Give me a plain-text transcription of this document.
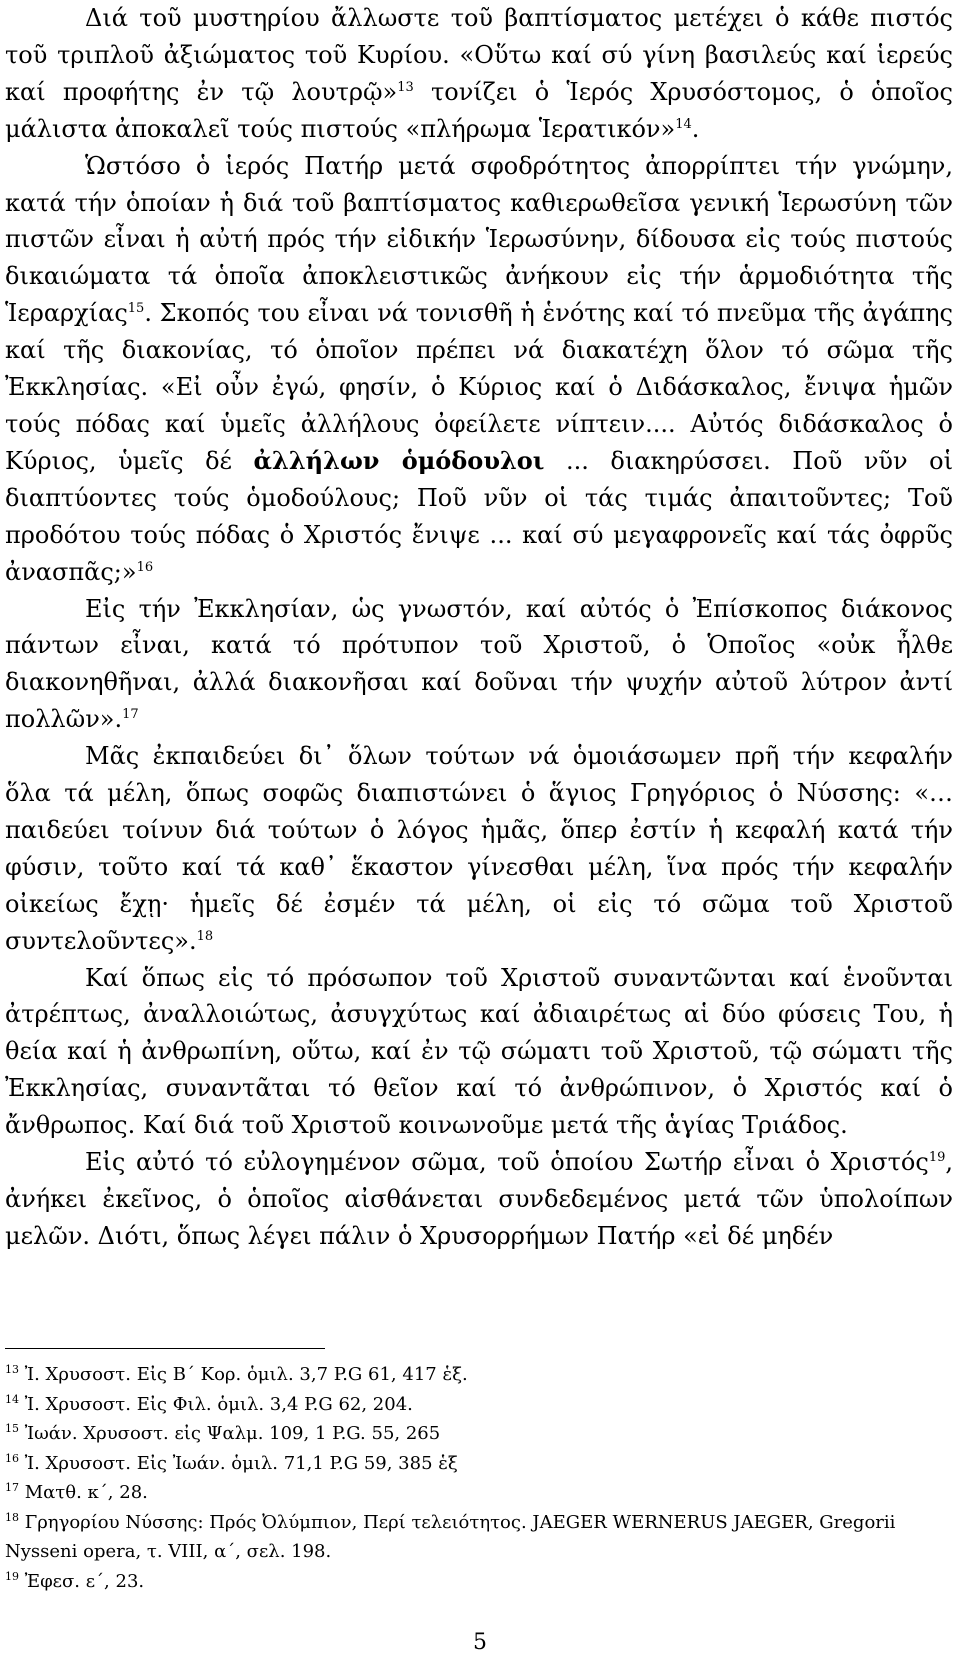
Διά τοῦ μυστηρίου ἄλλωστε τοῦ βαπτίσματος μετέχει ὁ κάθε πιστός τοῦ τριπλοῦ ἀξιώματος τοῦ Κυρίου. «Οὕτω καί σύ γίνη βασιλεύς καί ἱερεύς καί προφήτης ἐν τῷ λουτρῷ»$^{13}$ τονίζει ὁ Ἱερός Χρυσόστομος, ὁ ὁποῖος μάλιστα ἀποκαλεῖ τούς πιστούς «πλήρωμα Ἱερατικόν»$^{14}$.

Ὡστόσο ὁ ἱερός Πατήρ μετά σφοδρότητος ἀπορρίπτει τήν γνώμην, κατά τήν ὁποίαν ἡ διά τοῦ βαπτίσματος καθιερωθεῖσα γενική Ἱερωσύνη τῶν πιστῶν εἶναι ἡ αὐτή πρός τήν εἰδικήν Ἱερωσύνην, δίδουσα εἰς τούς πιστούς δικαιώματα τά ὁποῖα ἀποκλειστικῶς ἀνήκουν εἰς τήν ἁρμοδιότητα τῆς Ἱεραρχίας$^{15}$. Σκοπός του εἶναι νά τονισθῆ ἡ ἑνότης καί τό πνεῦμα τῆς ἀγάπης καί τῆς διακονίας, τό ὁποῖον πρέπει νά διακατέχη ὅλον τό σῶμα τῆς Ἐκκλησίας. «Εἰ οὖν ἐγώ, φησίν, ὁ Κύριος καί ὁ Διδάσκαλος, ἔνιψα ἡμῶν τούς πόδας καί ὑμεῖς ἀλλήλους ὀφείλετε νίπτειν.... Αὐτός διδάσκαλος ὁ Κύριος, ὑμεῖς δέ ἀλλήλων ὁμόδουλοι ... διακηρύσσει. Ποῦ νῦν οἱ διαπτύοντες τούς ὁμοδούλους; Ποῦ νῦν οἱ τάς τιμάς ἀπαιτοῦντες; Τοῦ προδότου τούς πόδας ὁ Χριστός ἔνιψε ... καί σύ μεγαφρονεῖς καί τάς ὀφρῦς ἀνασπᾶς;»$^{16}$

Εἰς τήν Ἐκκλησίαν, ὡς γνωστόν, καί αὐτός ὁ Ἐπίσκοπος διάκονος πάντων εἶναι, κατά τό πρότυπον τοῦ Χριστοῦ, ὁ Ὁποῖος «οὐκ ἦλθε διακονηθῆναι, ἀλλά διακονῆσαι καί δοῦναι τήν ψυχήν αὐτοῦ λύτρον ἀντί πολλῶν».$^{17}$

Μᾶς ἐκπαιδεύει δι᾽ ὅλων τούτων νά ὁμοιάσωμεν πρῆ τήν κεφαλήν ὅλα τά μέλη, ὅπως σοφῶς διαπιστώνει ὁ ἅγιος Γρηγόριος ὁ Νύσσης: «…παιδεύει τοίνυν διά τούτων ὁ λόγος ἡμᾶς, ὅπερ ἐστίν ἡ κεφαλή κατά τήν φύσιν, τοῦτο καί τά καθ᾽ ἕκαστον γίνεσθαι μέλη, ἵνα πρός τήν κεφαλήν οἰκείως ἔχῃ· ἡμεῖς δέ ἐσμέν τά μέλη, οἱ εἰς τό σῶμα τοῦ Χριστοῦ συντελοῦντες».$^{18}$

Καί ὅπως εἰς τό πρόσωπον τοῦ Χριστοῦ συναντῶνται καί ἑνοῦνται ἀτρέπτως, ἀναλλοιώτως, ἀσυγχύτως καί ἀδιαιρέτως αἱ δύο φύσεις Του, ἡ θεία καί ἡ ἀνθρωπίνη, οὕτω, καί ἐν τῷ σώματι τοῦ Χριστοῦ, τῷ σώματι τῆς Ἐκκλησίας, συναντᾶται τό θεῖον καί τό ἀνθρώπινον, ὁ Χριστός καί ὁ ἄνθρωπος. Καί διά τοῦ Χριστοῦ κοινωνοῦμε μετά τῆς ἁγίας Τριάδος.

Εἰς αὐτό τό εὐλογημένον σῶμα, τοῦ ὁποίου Σωτήρ εἶναι ὁ Χριστός$^{19}$, ἀνήκει ἐκεῖνος, ὁ ὁποῖος αἰσθάνεται συνδεδεμένος μετά τῶν ὑπολοίπων μελῶν. Διότι, ὅπως λέγει πάλιν ὁ Χρυσορρήμων Πατήρ «εἰ δέ μηδέν

$^{13}$ Ἰ. Χρυσοστ. Εἰς Β΄ Κορ. ὁμιλ. 3,7 P.G 61, 417 ἑξ.

$^{14}$ Ἰ. Χρυσοστ. Εἰς Φιλ. ὁμιλ. 3,4 P.G 62, 204.

$^{15}$ Ἰωάν. Χρυσοστ. εἰς Ψαλμ. 109, 1 P.G. 55, 265

$^{16}$ Ἰ. Χρυσοστ. Εἰς Ἰωάν. ὁμιλ. 71,1 P.G 59, 385 ἑξ

$^{17}$ Ματθ. κ΄, 28.

$^{18}$ Γρηγορίου Νύσσης: Πρός Ὀλύμπιον, Περί τελειότητος. JAEGER WERNERUS JAEGER, Gregorii Nysseni opera, τ. VIII, α΄, σελ. 198.

$^{19}$ Ἐφεσ. ε΄, 23.

5
